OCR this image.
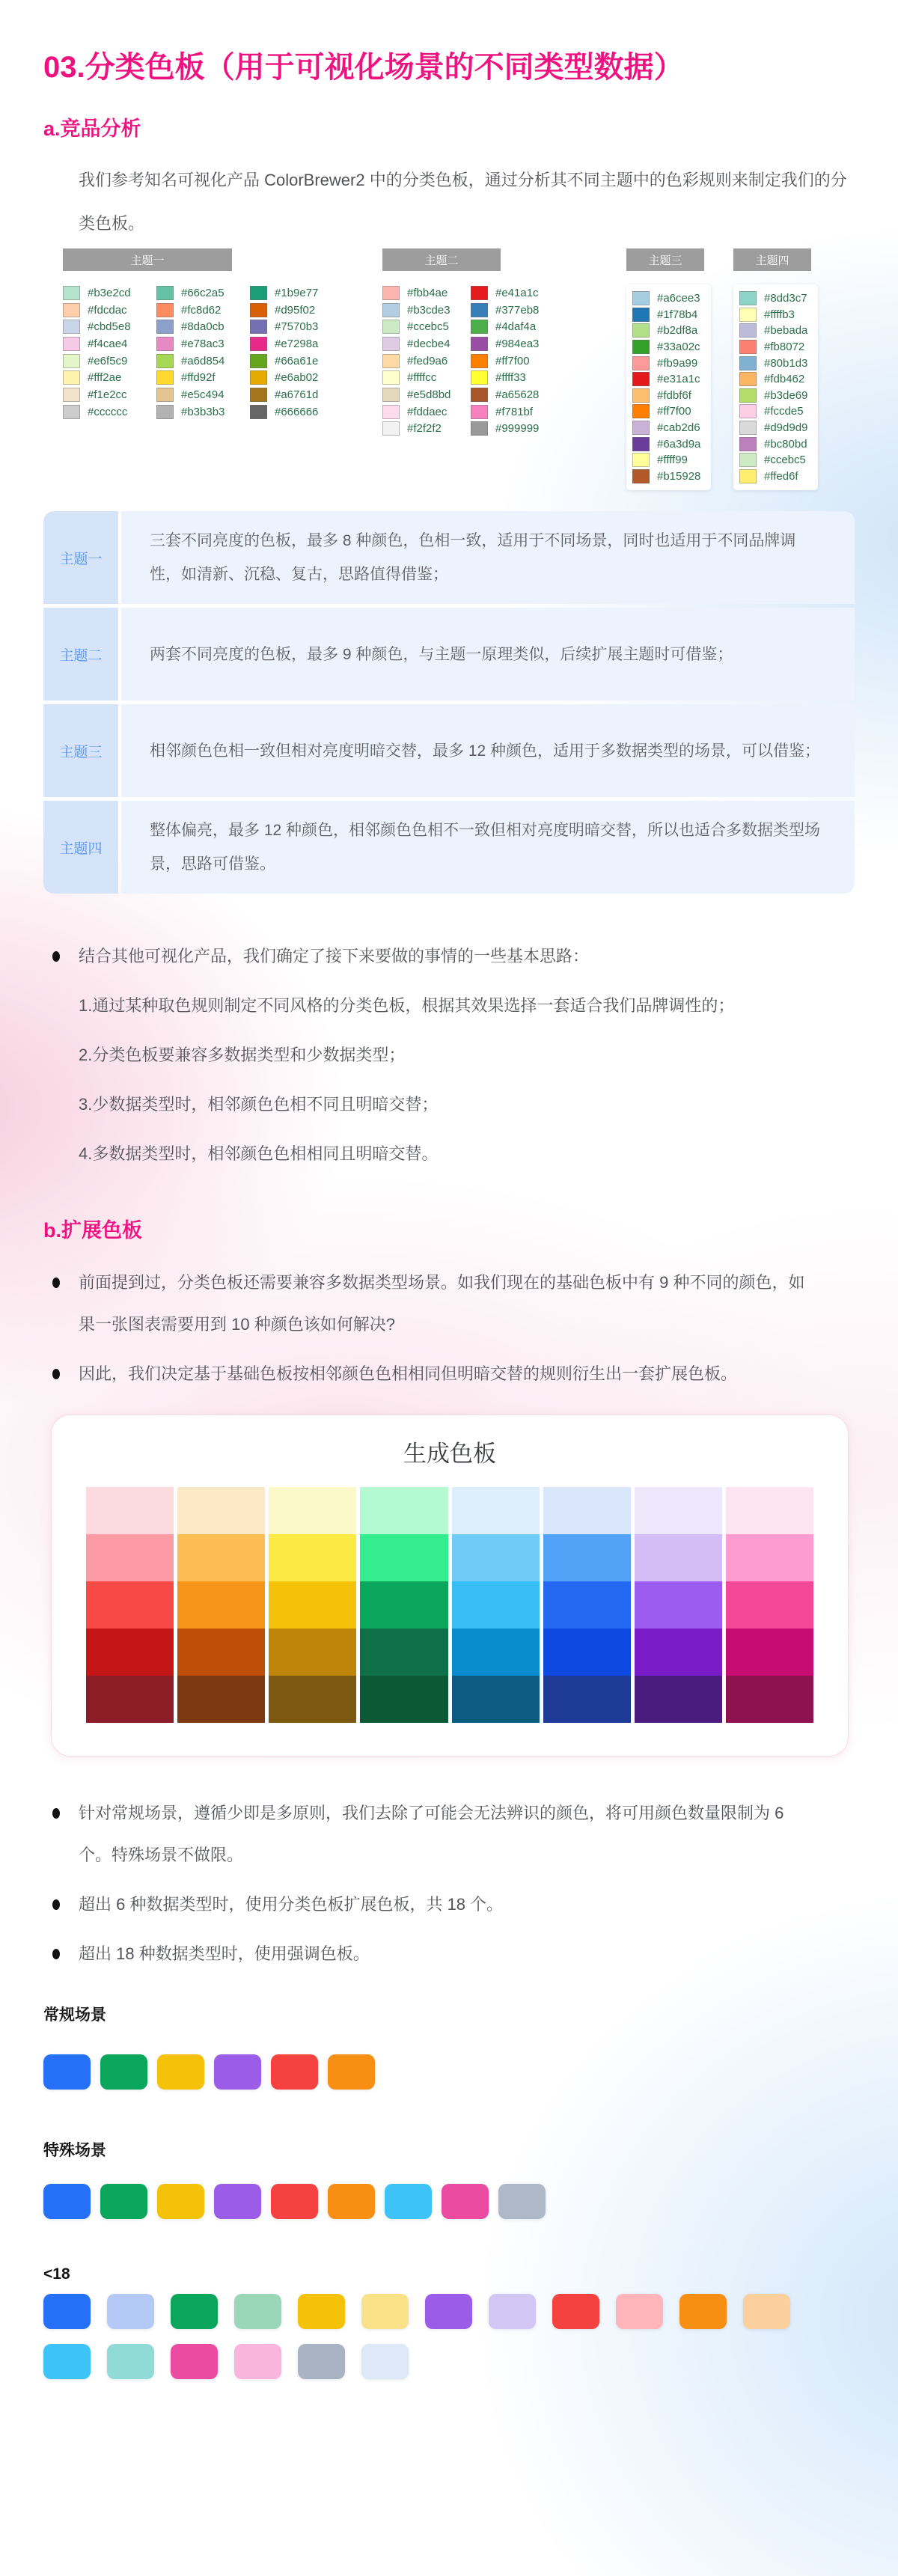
03.分类色板（用于可视化场景的不同类型数据）
a.竞品分析
我们参考知名可视化产品 ColorBrewer2 中的分类色板，通过分析其不同主题中的色彩规则来制定我们的分类色板。
主题一
#b3e2cd
#fdcdac
#cbd5e8
#f4cae4
#e6f5c9
#fff2ae
#f1e2cc
#cccccc
#66c2a5
#fc8d62
#8da0cb
#e78ac3
#a6d854
#ffd92f
#e5c494
#b3b3b3
#1b9e77
#d95f02
#7570b3
#e7298a
#66a61e
#e6ab02
#a6761d
#666666
主题二
#fbb4ae
#b3cde3
#ccebc5
#decbe4
#fed9a6
#ffffcc
#e5d8bd
#fddaec
#f2f2f2
#e41a1c
#377eb8
#4daf4a
#984ea3
#ff7f00
#ffff33
#a65628
#f781bf
#999999
主题三
#a6cee3
#1f78b4
#b2df8a
#33a02c
#fb9a99
#e31a1c
#fdbf6f
#ff7f00
#cab2d6
#6a3d9a
#ffff99
#b15928
主题四
#8dd3c7
#ffffb3
#bebada
#fb8072
#80b1d3
#fdb462
#b3de69
#fccde5
#d9d9d9
#bc80bd
#ccebc5
#ffed6f
主题一
三套不同亮度的色板，最多 8 种颜色，色相一致，适用于不同场景，同时也适用于不同品牌调性，如清新、沉稳、复古，思路值得借鉴；
主题二	两套不同亮度的色板，最多 9 种颜色，与主题一原理类似，后续扩展主题时可借鉴；
主题三	相邻颜色色相一致但相对亮度明暗交替，最多 12 种颜色，适用于多数据类型的场景，可以借鉴；
主题四
整体偏亮，最多 12 种颜色，相邻颜色色相不一致但相对亮度明暗交替，所以也适合多数据类型场景，思路可借鉴。
结合其他可视化产品，我们确定了接下来要做的事情的一些基本思路：
1.通过某种取色规则制定不同风格的分类色板，根据其效果选择一套适合我们品牌调性的；
2.分类色板要兼容多数据类型和少数据类型；
3.少数据类型时，相邻颜色色相不同且明暗交替；
4.多数据类型时，相邻颜色色相相同且明暗交替。
b.扩展色板
前面提到过，分类色板还需要兼容多数据类型场景。如我们现在的基础色板中有 9 种不同的颜色，如果一张图表需要用到 10 种颜色该如何解决?
因此，我们决定基于基础色板按相邻颜色色相相同但明暗交替的规则衍生出一套扩展色板。
生成色板
针对常规场景，遵循少即是多原则，我们去除了可能会无法辨识的颜色，将可用颜色数量限制为 6 个。特殊场景不做限。
超出 6 种数据类型时，使用分类色板扩展色板，共 18 个。
超出 18 种数据类型时，使用强调色板。
常规场景
特殊场景
<18
